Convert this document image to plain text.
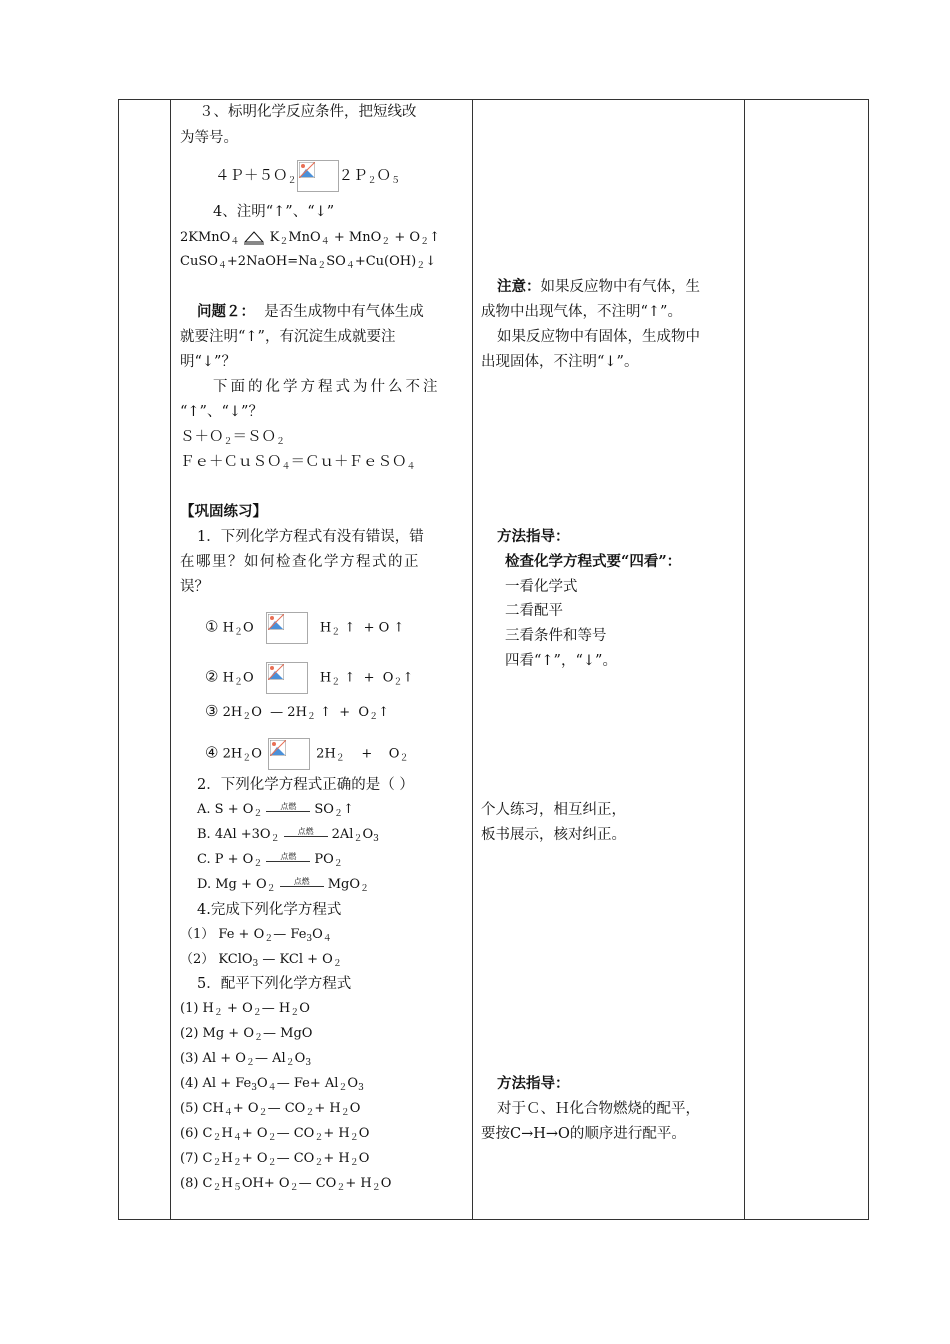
３、标明化学反应条件，把短线改
为等号。
４Ｐ＋５Ｏ$_2$	２Ｐ$_2$Ｏ$_5$
4、注明“↑”、“↓”
2KMnO$_4$ $K_2MnO_4 + MnO_2$ + $O_2↑$
$CuSO_4+2NaOH=Na_2SO_4+Cu(OH)_2↓$
问题２： 是否生成物中有气体生成
就要注明“↑”，有沉淀生成就要注
明“↓”？
下面的化学方程式为什么不注
“↑”、“↓”？
Ｓ＋Ｏ$_2$＝ＳＯ$_2$
Ｆｅ＋ＣｕＳＯ$_4$＝Ｃｕ＋ＦｅＳＯ$_4$
【巩固练习】
1．下列化学方程式有没有错误，错
在哪里？如何检查化学方程式的正
误？
① $H_2O$	$H_2$ ↑ + O ↑
② $H_2O$	$H_2$ ↑ + $O_2↑$
③ $2H_2O$ — $2H_2$ ↑ + $O_2↑$
④ $2H_2O$	$2H_2 + O_2$
2．下列化学方程式正确的是（ ）
A. $S + O_2$
点燃	$SO_2↑$
B. $4Al +3O_2$
点燃	$2Al_2O_3$
C. $P + O_2$
点燃	$PO_2$
D. $Mg + O_2$
点燃	MgO$_2$
4.完成下列化学方程式
（1） $Fe + O_2—$ $Fe_3O_4$
（2） KClO$_3$ — KCl + $O_2$
5．配平下列化学方程式
(1) $H_2$ + $O_2—$ $H_2O$
(2) $Mg + O_2—$ MgO
(3) $Al + O_2—$ $Al_2O_3$
(4) $Al + Fe_3O_4—$ $Fe+ Al_2O_3$
(5) $CH_4+$ $O_2—$ $CO_2+ H_2O$
(6) $C_2H_4+$ $O_2—$ $CO_2+ H_2O$
(7) $C_2H_2+$ $O_2—$ $CO_2+ H_2O$
(8) $C_2H_5OH+$ $O_2—$ $CO_2+ H_2O$
注意：如果反应物中有气体，生
成物中出现气体，不注明“↑”。
如果反应物中有固体，生成物中
出现固体，不注明“↓”。
方法指导：
检查化学方程式要“四看”：
一看化学式
二看配平
三看条件和等号
四看“↑”，“↓”。
个人练习，相互纠正，
板书展示，核对纠正。
方法指导：
对于Ｃ、Ｈ化合物燃烧的配平，
要按C→H→O的顺序进行配平。
